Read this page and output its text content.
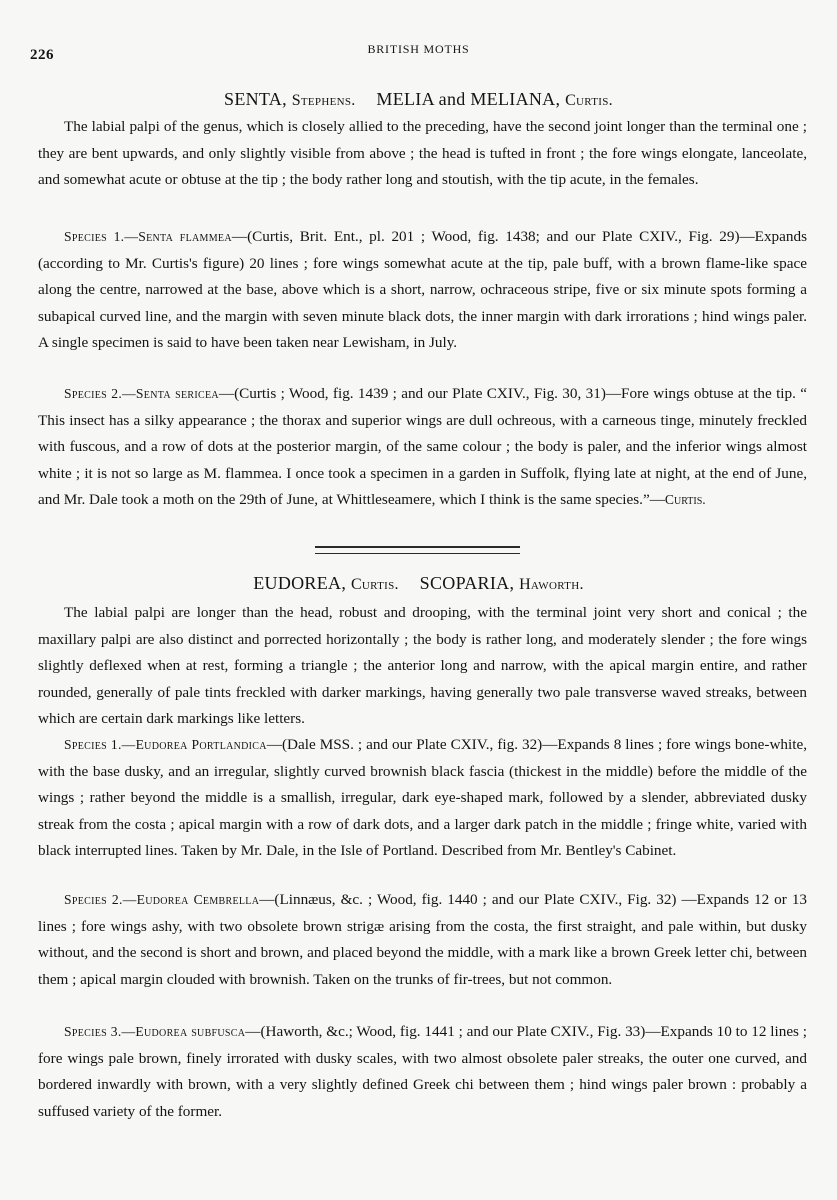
226	BRITISH MOTHS
SENTA, Stephens. MELIA and MELIANA, Curtis.

The labial palpi of the genus, which is closely allied to the preceding, have the second joint longer than the terminal one ; they are bent upwards, and only slightly visible from above ; the head is tufted in front ; the fore wings elongate, lanceolate, and somewhat acute or obtuse at the tip ; the body rather long and stoutish, with the tip acute, in the females.

Species 1.—Senta flammea—(Curtis, Brit. Ent., pl. 201 ; Wood, fig. 1438; and our Plate CXIV., Fig. 29)—Expands (according to Mr. Curtis's figure) 20 lines ; fore wings somewhat acute at the tip, pale buff, with a brown flame-like space along the centre, narrowed at the base, above which is a short, narrow, ochraceous stripe, five or six minute spots forming a subapical curved line, and the margin with seven minute black dots, the inner margin with dark irrorations ; hind wings paler. A single specimen is said to have been taken near Lewisham, in July.

Species 2.—Senta sericea—(Curtis ; Wood, fig. 1439 ; and our Plate CXIV., Fig. 30, 31)—Fore wings obtuse at the tip. “ This insect has a silky appearance ; the thorax and superior wings are dull ochreous, with a carneous tinge, minutely freckled with fuscous, and a row of dots at the posterior margin, of the same colour ; the body is paler, and the inferior wings almost white ; it is not so large as M. flammea. I once took a specimen in a garden in Suffolk, flying late at night, at the end of June, and Mr. Dale took a moth on the 29th of June, at Whittleseamere, which I think is the same species.”—Curtis.

EUDOREA, Curtis. SCOPARIA, Haworth.

The labial palpi are longer than the head, robust and drooping, with the terminal joint very short and conical ; the maxillary palpi are also distinct and porrected horizontally ; the body is rather long, and moderately slender ; the fore wings slightly deflexed when at rest, forming a triangle ; the anterior long and narrow, with the apical margin entire, and rather rounded, generally of pale tints freckled with darker markings, having generally two pale transverse waved streaks, between which are certain dark markings like letters.

Species 1.—Eudorea Portlandica—(Dale MSS. ; and our Plate CXIV., fig. 32)—Expands 8 lines ; fore wings bone-white, with the base dusky, and an irregular, slightly curved brownish black fascia (thickest in the middle) before the middle of the wings ; rather beyond the middle is a smallish, irregular, dark eye-shaped mark, followed by a slender, abbreviated dusky streak from the costa ; apical margin with a row of dark dots, and a larger dark patch in the middle ; fringe white, varied with black interrupted lines. Taken by Mr. Dale, in the Isle of Portland. Described from Mr. Bentley's Cabinet.

Species 2.—Eudorea Cembrella—(Linnæus, &c. ; Wood, fig. 1440 ; and our Plate CXIV., Fig. 32) —Expands 12 or 13 lines ; fore wings ashy, with two obsolete brown strigæ arising from the costa, the first straight, and pale within, but dusky without, and the second is short and brown, and placed beyond the middle, with a mark like a brown Greek letter chi, between them ; apical margin clouded with brownish. Taken on the trunks of fir-trees, but not common.

Species 3.—Eudorea subfusca—(Haworth, &c.; Wood, fig. 1441 ; and our Plate CXIV., Fig. 33)—Expands 10 to 12 lines ; fore wings pale brown, finely irrorated with dusky scales, with two almost obsolete paler streaks, the outer one curved, and bordered inwardly with brown, with a very slightly defined Greek chi between them ; hind wings paler brown : probably a suffused variety of the former.
